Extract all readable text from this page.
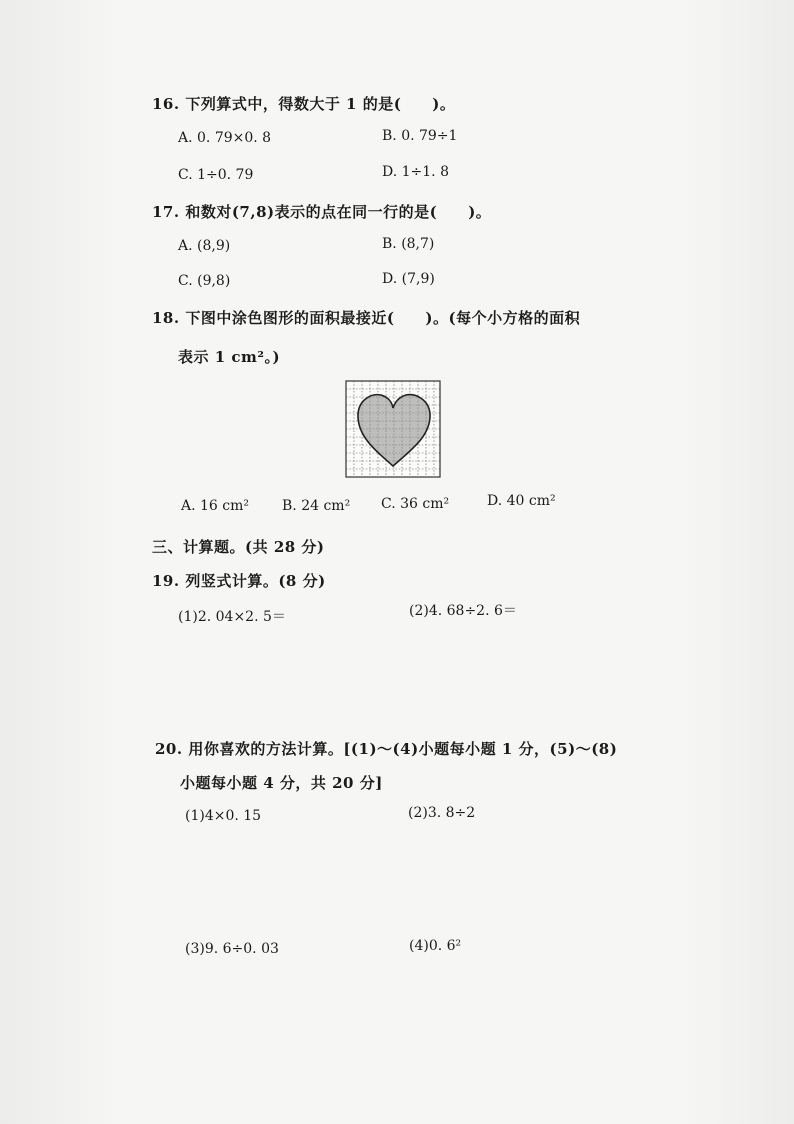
16. 下列算式中，得数大于 1 的是(　　)。
A. 0. 79×0. 8	B. 0. 79÷1
C. 1÷0. 79	D. 1÷1. 8
17. 和数对(7,8)表示的点在同一行的是(　　)。
A. (8,9)	B. (8,7)
C. (9,8)	D. (7,9)
18. 下图中涂色图形的面积最接近(　　)。(每个小方格的面积
表示 1 cm²。)
A. 16 cm² B. 24 cm² C. 36 cm²	D. 40 cm²
三、计算题。(共 28 分)
19. 列竖式计算。(8 分)
(1)2. 04×2. 5＝	(2)4. 68÷2. 6＝
20. 用你喜欢的方法计算。[(1)～(4)小题每小题 1 分，(5)～(8)
小题每小题 4 分，共 20 分]
(1)4×0. 15	(2)3. 8÷2
(3)9. 6÷0. 03	(4)0. 6²
